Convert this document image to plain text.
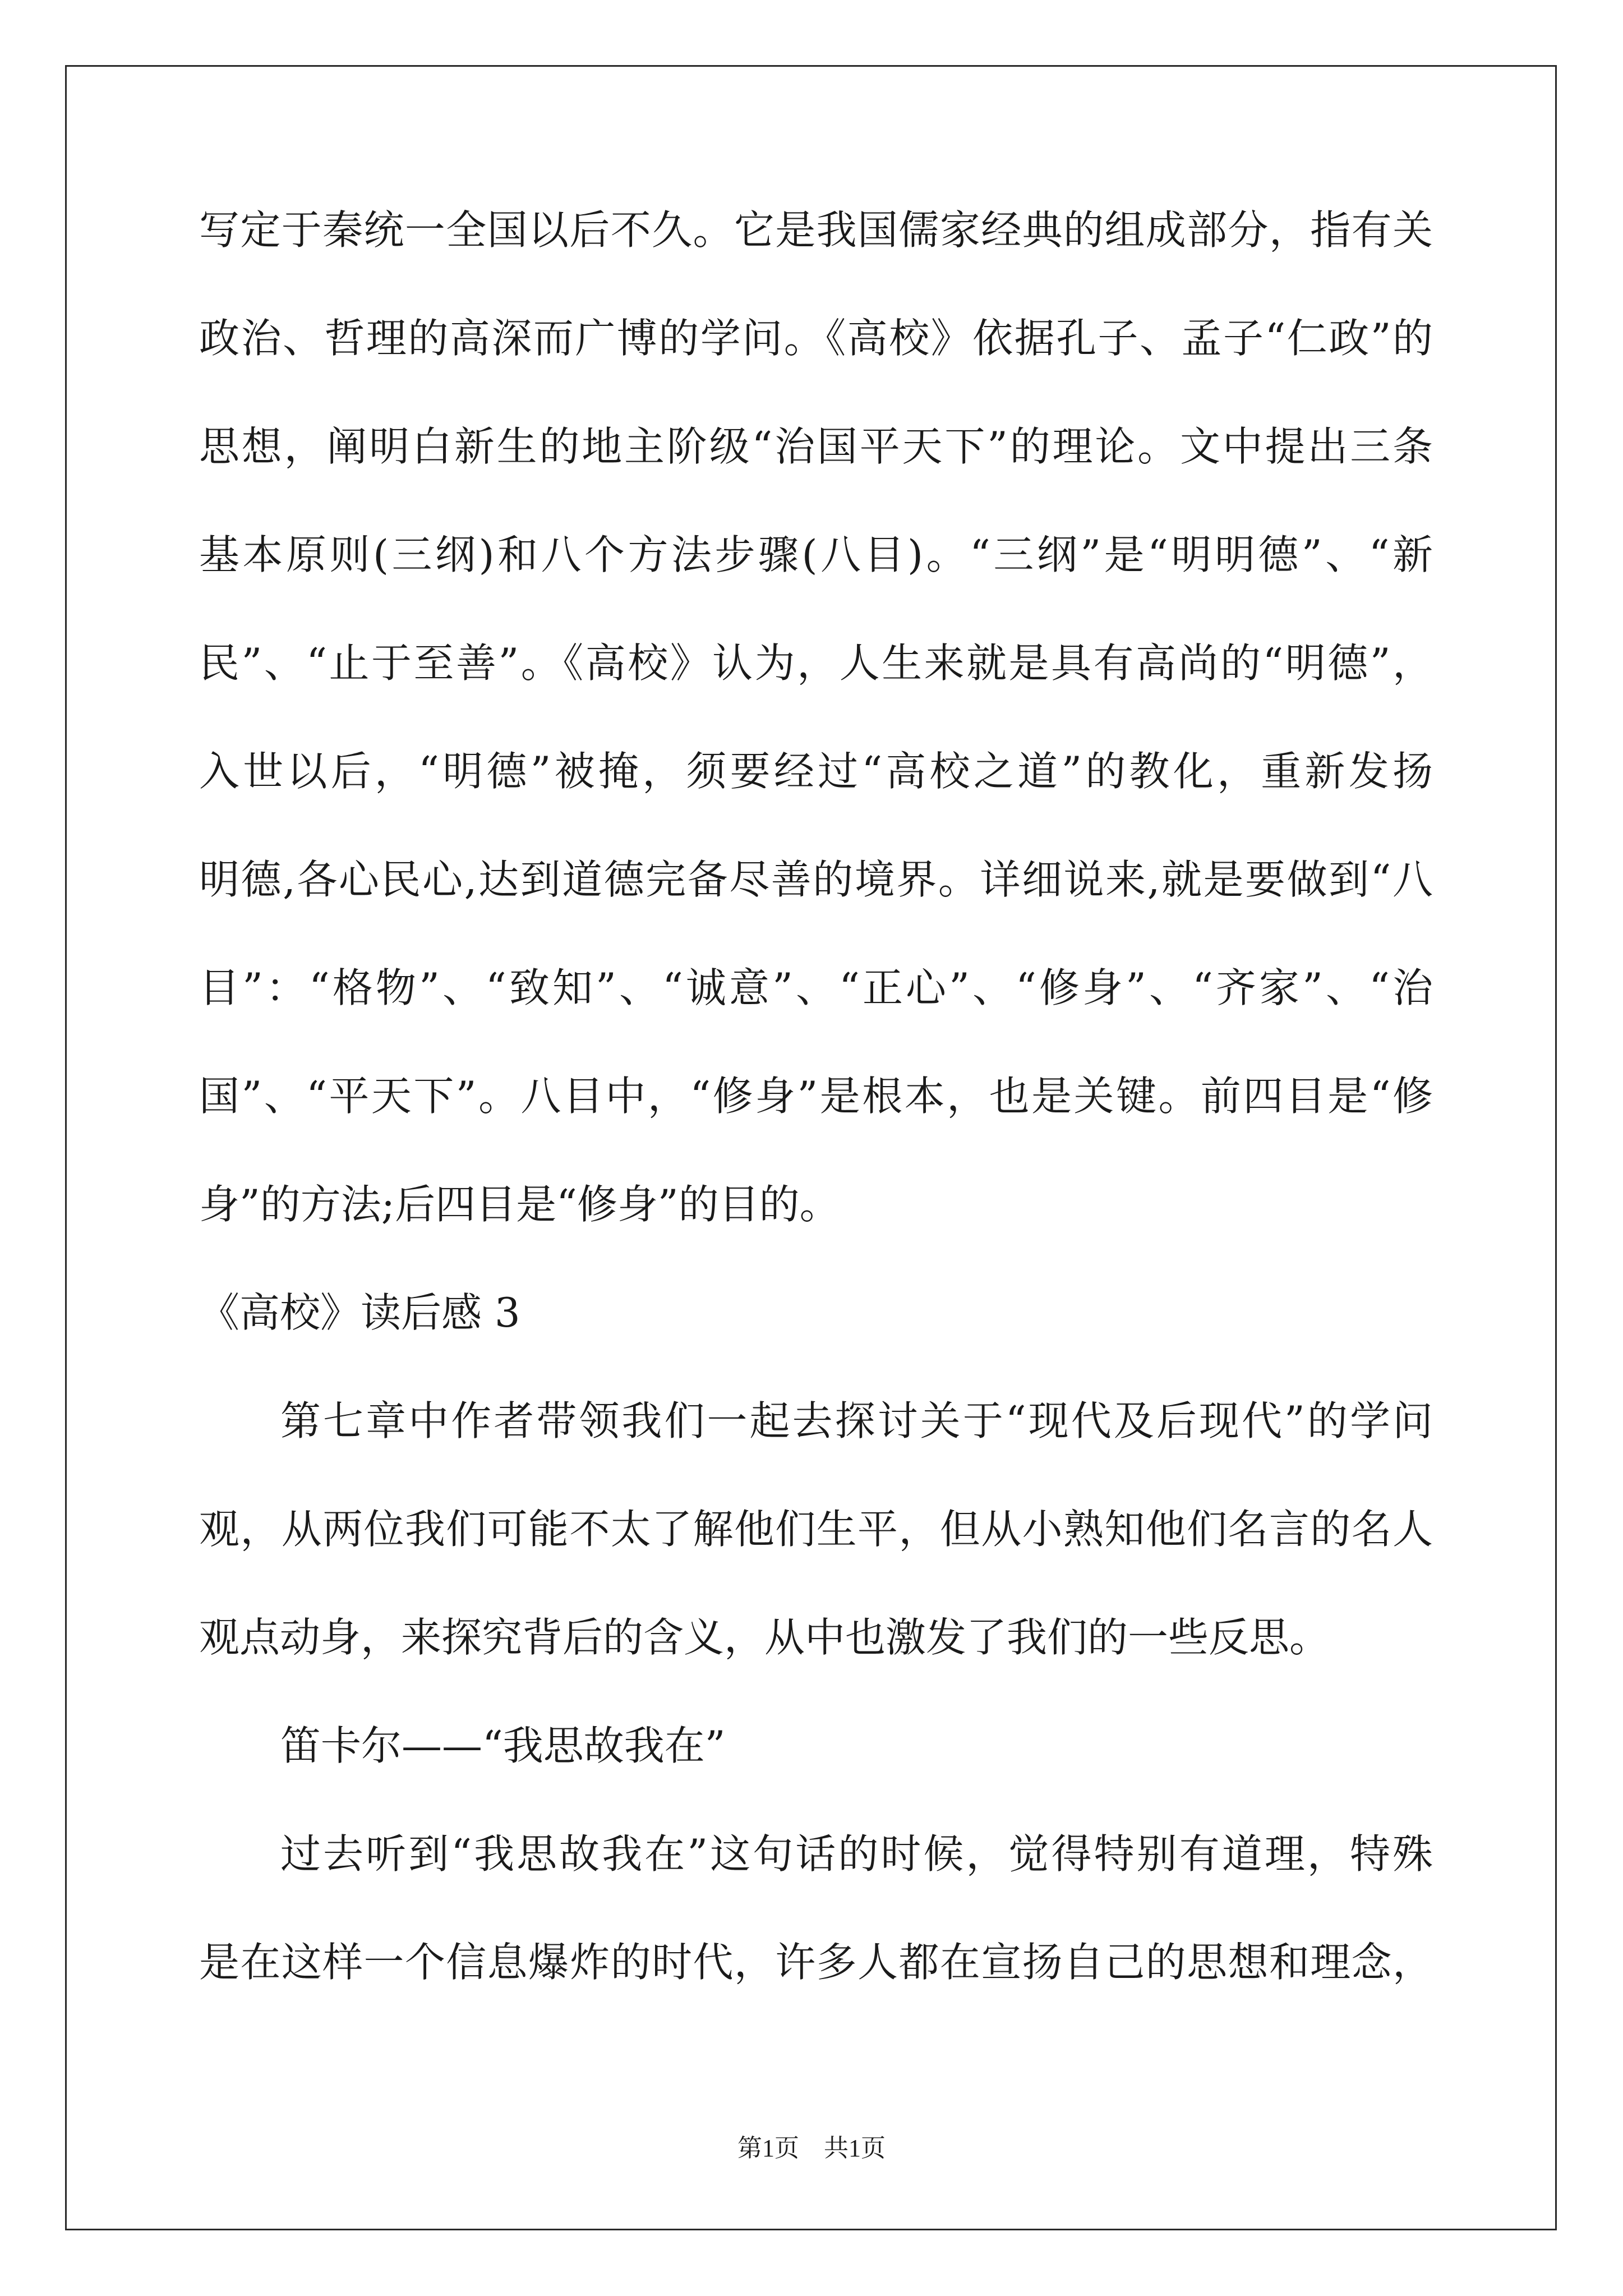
写定于秦统一全国以后不久。它是我国儒家经典的组成部分，指有关
政治、哲理的高深而广博的学问。《高校》依据孔子、孟子“仁政”的
思想，阐明白新生的地主阶级“治国平天下”的理论。文中提出三条
基本原则(三纲)和八个方法步骤(八目)。“三纲”是“明明德”、“新
民”、“止于至善”。《高校》认为，人生来就是具有高尚的“明德”，
入世以后，“明德”被掩，须要经过“高校之道”的教化，重新发扬
明德,各心民心,达到道德完备尽善的境界。详细说来,就是要做到“八
目”：“格物”、“致知”、“诚意”、“正心”、“修身”、“齐家”、“治
国”、“平天下”。八目中，“修身”是根本，也是关键。前四目是“修
身”的方法;后四目是“修身”的目的。
《高校》读后感 3
第七章中作者带领我们一起去探讨关于“现代及后现代”的学问
观，从两位我们可能不太了解他们生平，但从小熟知他们名言的名人
观点动身，来探究背后的含义，从中也激发了我们的一些反思。
笛卡尔——“我思故我在”
过去听到“我思故我在”这句话的时候，觉得特别有道理，特殊
是在这样一个信息爆炸的时代，许多人都在宣扬自己的思想和理念，
第1页　共1页
